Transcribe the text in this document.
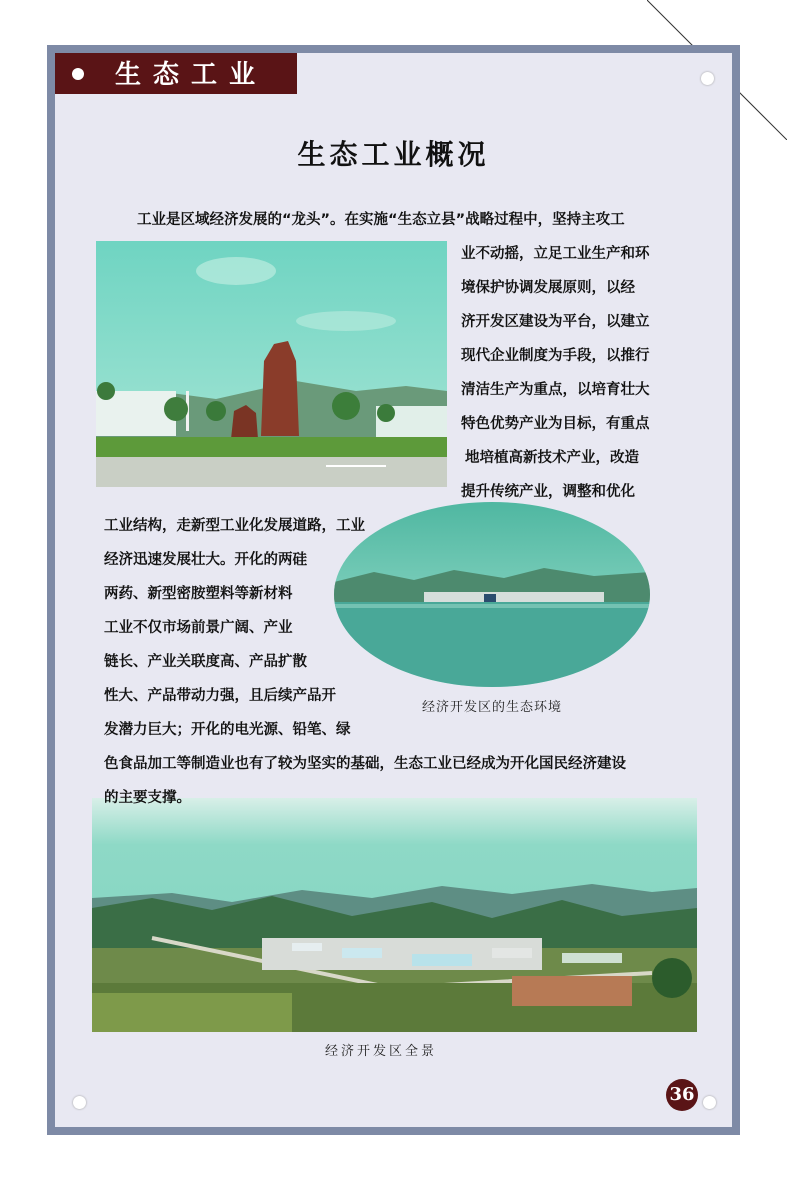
生态工业
生态工业概况
经济开发区的生态环境
经济开发区全景
工业是区域经济发展的“龙头”。在实施“生态立县”战略过程中，坚持主攻工
业不动摇，立足工业生产和环
境保护协调发展原则，以经
济开发区建设为平台，以建立
现代企业制度为手段，以推行
清洁生产为重点，以培育壮大
特色优势产业为目标，有重点
地培植高新技术产业，改造
提升传统产业，调整和优化
工业结构，走新型工业化发展道路，工业
经济迅速发展壮大。开化的两硅
两药、新型密胺塑料等新材料
工业不仅市场前景广阔、产业
链长、产业关联度高、产品扩散
性大、产品带动力强，且后续产品开
发潜力巨大；开化的电光源、铅笔、绿
色食品加工等制造业也有了较为坚实的基础，生态工业已经成为开化国民经济建设
的主要支撑。
36
